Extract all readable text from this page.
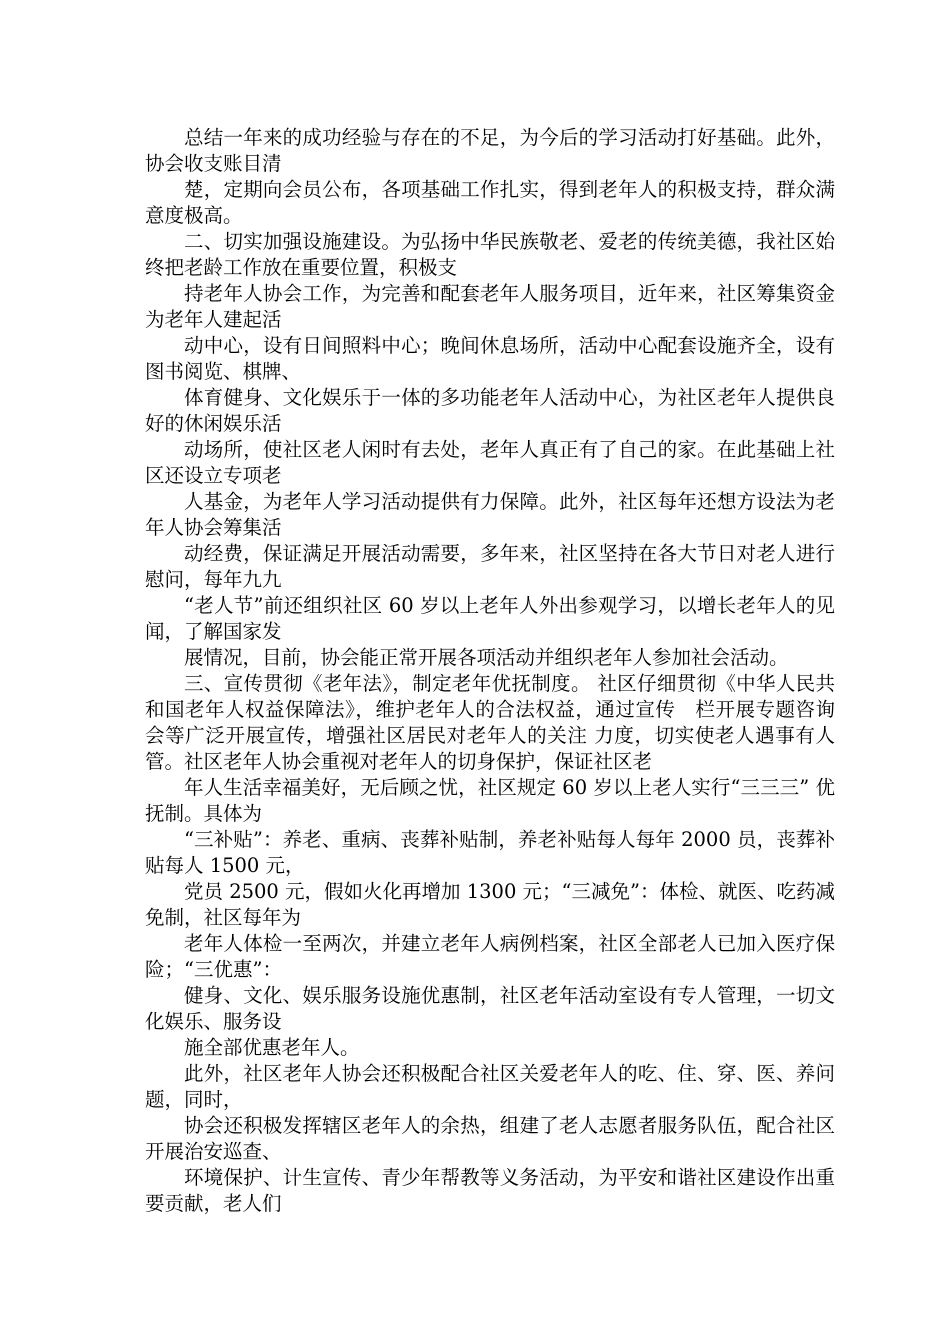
总结一年来的成功经验与存在的不足，为今后的学习活动打好基础。此外，协会收支账目清

楚，定期向会员公布，各项基础工作扎实，得到老年人的积极支持，群众满意度极高。

二、切实加强设施建设。为弘扬中华民族敬老、爱老的传统美德，我社区始终把老龄工作放在重要位置，积极支

持老年人协会工作，为完善和配套老年人服务项目，近年来，社区筹集资金为老年人建起活

动中心，设有日间照料中心；晚间休息场所，活动中心配套设施齐全，设有图书阅览、棋牌、

体育健身、文化娱乐于一体的多功能老年人活动中心，为社区老年人提供良好的休闲娱乐活

动场所，使社区老人闲时有去处，老年人真正有了自己的家。在此基础上社区还设立专项老

人基金，为老年人学习活动提供有力保障。此外，社区每年还想方设法为老年人协会筹集活

动经费，保证满足开展活动需要，多年来，社区坚持在各大节日对老人进行慰问，每年九九

“老人节”前还组织社区 60 岁以上老年人外出参观学习，以增长老年人的见闻，了解国家发

展情况，目前，协会能正常开展各项活动并组织老年人参加社会活动。

三、宣传贯彻《老年法》，制定老年优抚制度。 社区仔细贯彻《中华人民共和国老年人权益保障法》，维护老年人的合法权益，通过宣传　栏开展专题咨询会等广泛开展宣传，增强社区居民对老年人的关注 力度，切实使老人遇事有人管。社区老年人协会重视对老年人的切身保护，保证社区老

年人生活幸福美好，无后顾之忧，社区规定 60 岁以上老人实行“三三三” 优抚制。具体为

“三补贴”：养老、重病、丧葬补贴制，养老补贴每人每年 2000 员，丧葬补贴每人 1500 元，

党员 2500 元，假如火化再增加 1300 元；“三减免”：体检、就医、吃药减免制，社区每年为

老年人体检一至两次，并建立老年人病例档案，社区全部老人已加入医疗保险；“三优惠”：

健身、文化、娱乐服务设施优惠制，社区老年活动室设有专人管理，一切文化娱乐、服务设

施全部优惠老年人。

此外，社区老年人协会还积极配合社区关爱老年人的吃、住、穿、医、养问题，同时，

协会还积极发挥辖区老年人的余热，组建了老人志愿者服务队伍，配合社区开展治安巡查、

环境保护、计生宣传、青少年帮教等义务活动，为平安和谐社区建设作出重要贡献，老人们
